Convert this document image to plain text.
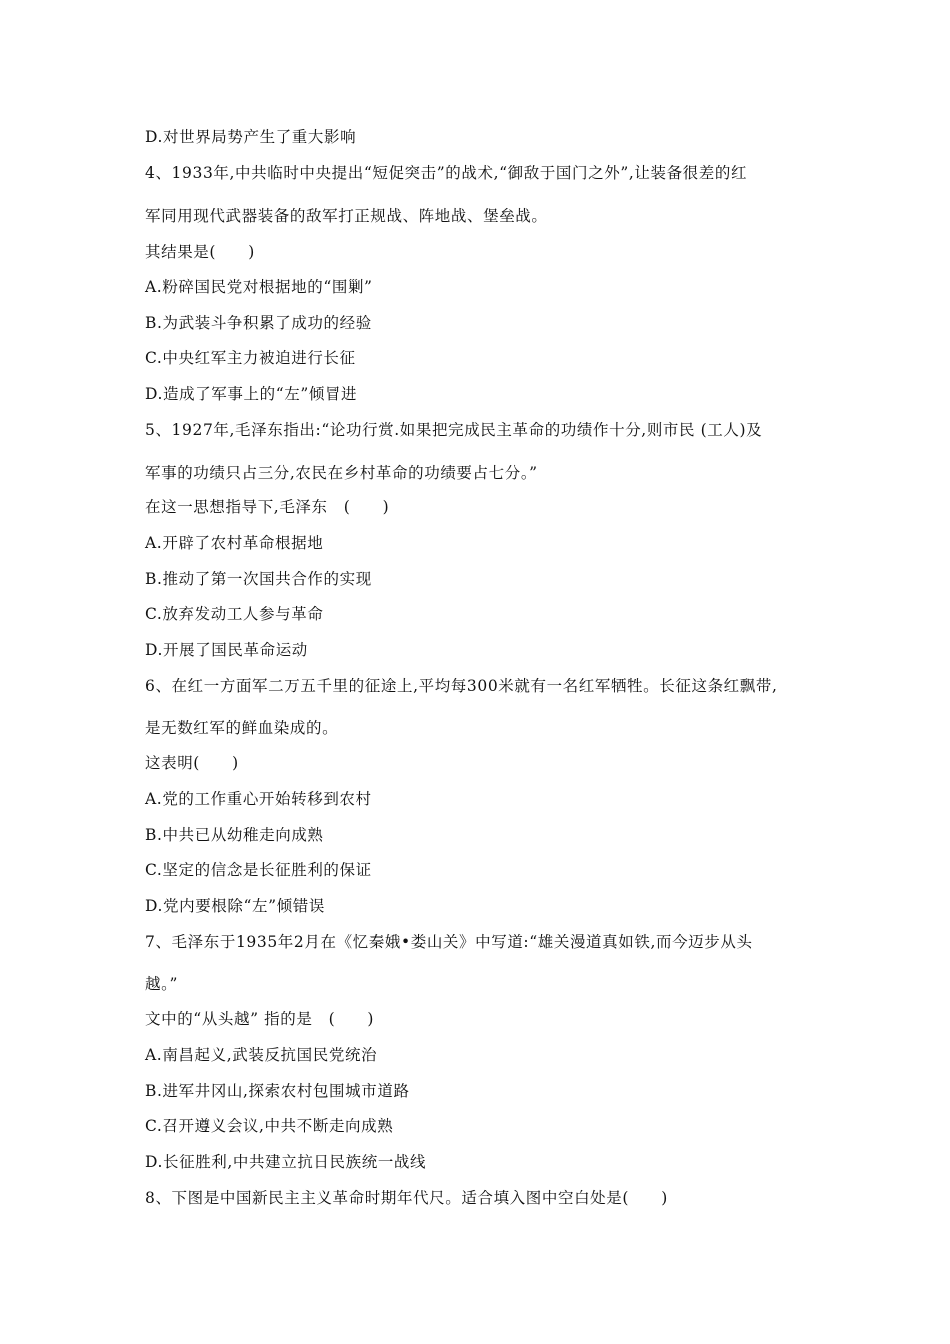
D.对世界局势产生了重大影响
4、1933年,中共临时中央提出“短促突击”的战术,“御敌于国门之外”,让装备很差的红
军同用现代武器装备的敌军打正规战、阵地战、堡垒战。
其结果是(　　)
A.粉碎国民党对根据地的“围剿”
B.为武装斗争积累了成功的经验
C.中央红军主力被迫进行长征
D.造成了军事上的“左”倾冒进
5、1927年,毛泽东指出:“论功行赏.如果把完成民主革命的功绩作十分,则市民 (工人)及
军事的功绩只占三分,农民在乡村革命的功绩要占七分。”
在这一思想指导下,毛泽东　(　　)
A.开辟了农村革命根据地
B.推动了第一次国共合作的实现
C.放弃发动工人参与革命
D.开展了国民革命运动
6、在红一方面军二万五千里的征途上,平均每300米就有一名红军牺牲。长征这条红飘带,
是无数红军的鲜血染成的。
这表明(　　)
A.党的工作重心开始转移到农村
B.中共已从幼稚走向成熟
C.坚定的信念是长征胜利的保证
D.党内要根除“左”倾错误
7、毛泽东于1935年2月在《忆秦娥•娄山关》中写道:“雄关漫道真如铁,而今迈步从头
越。”
文中的“从头越” 指的是　(　　)
A.南昌起义,武装反抗国民党统治
B.进军井冈山,探索农村包围城市道路
C.召开遵义会议,中共不断走向成熟
D.长征胜利,中共建立抗日民族统一战线
8、下图是中国新民主主义革命时期年代尺。适合填入图中空白处是(　　)
